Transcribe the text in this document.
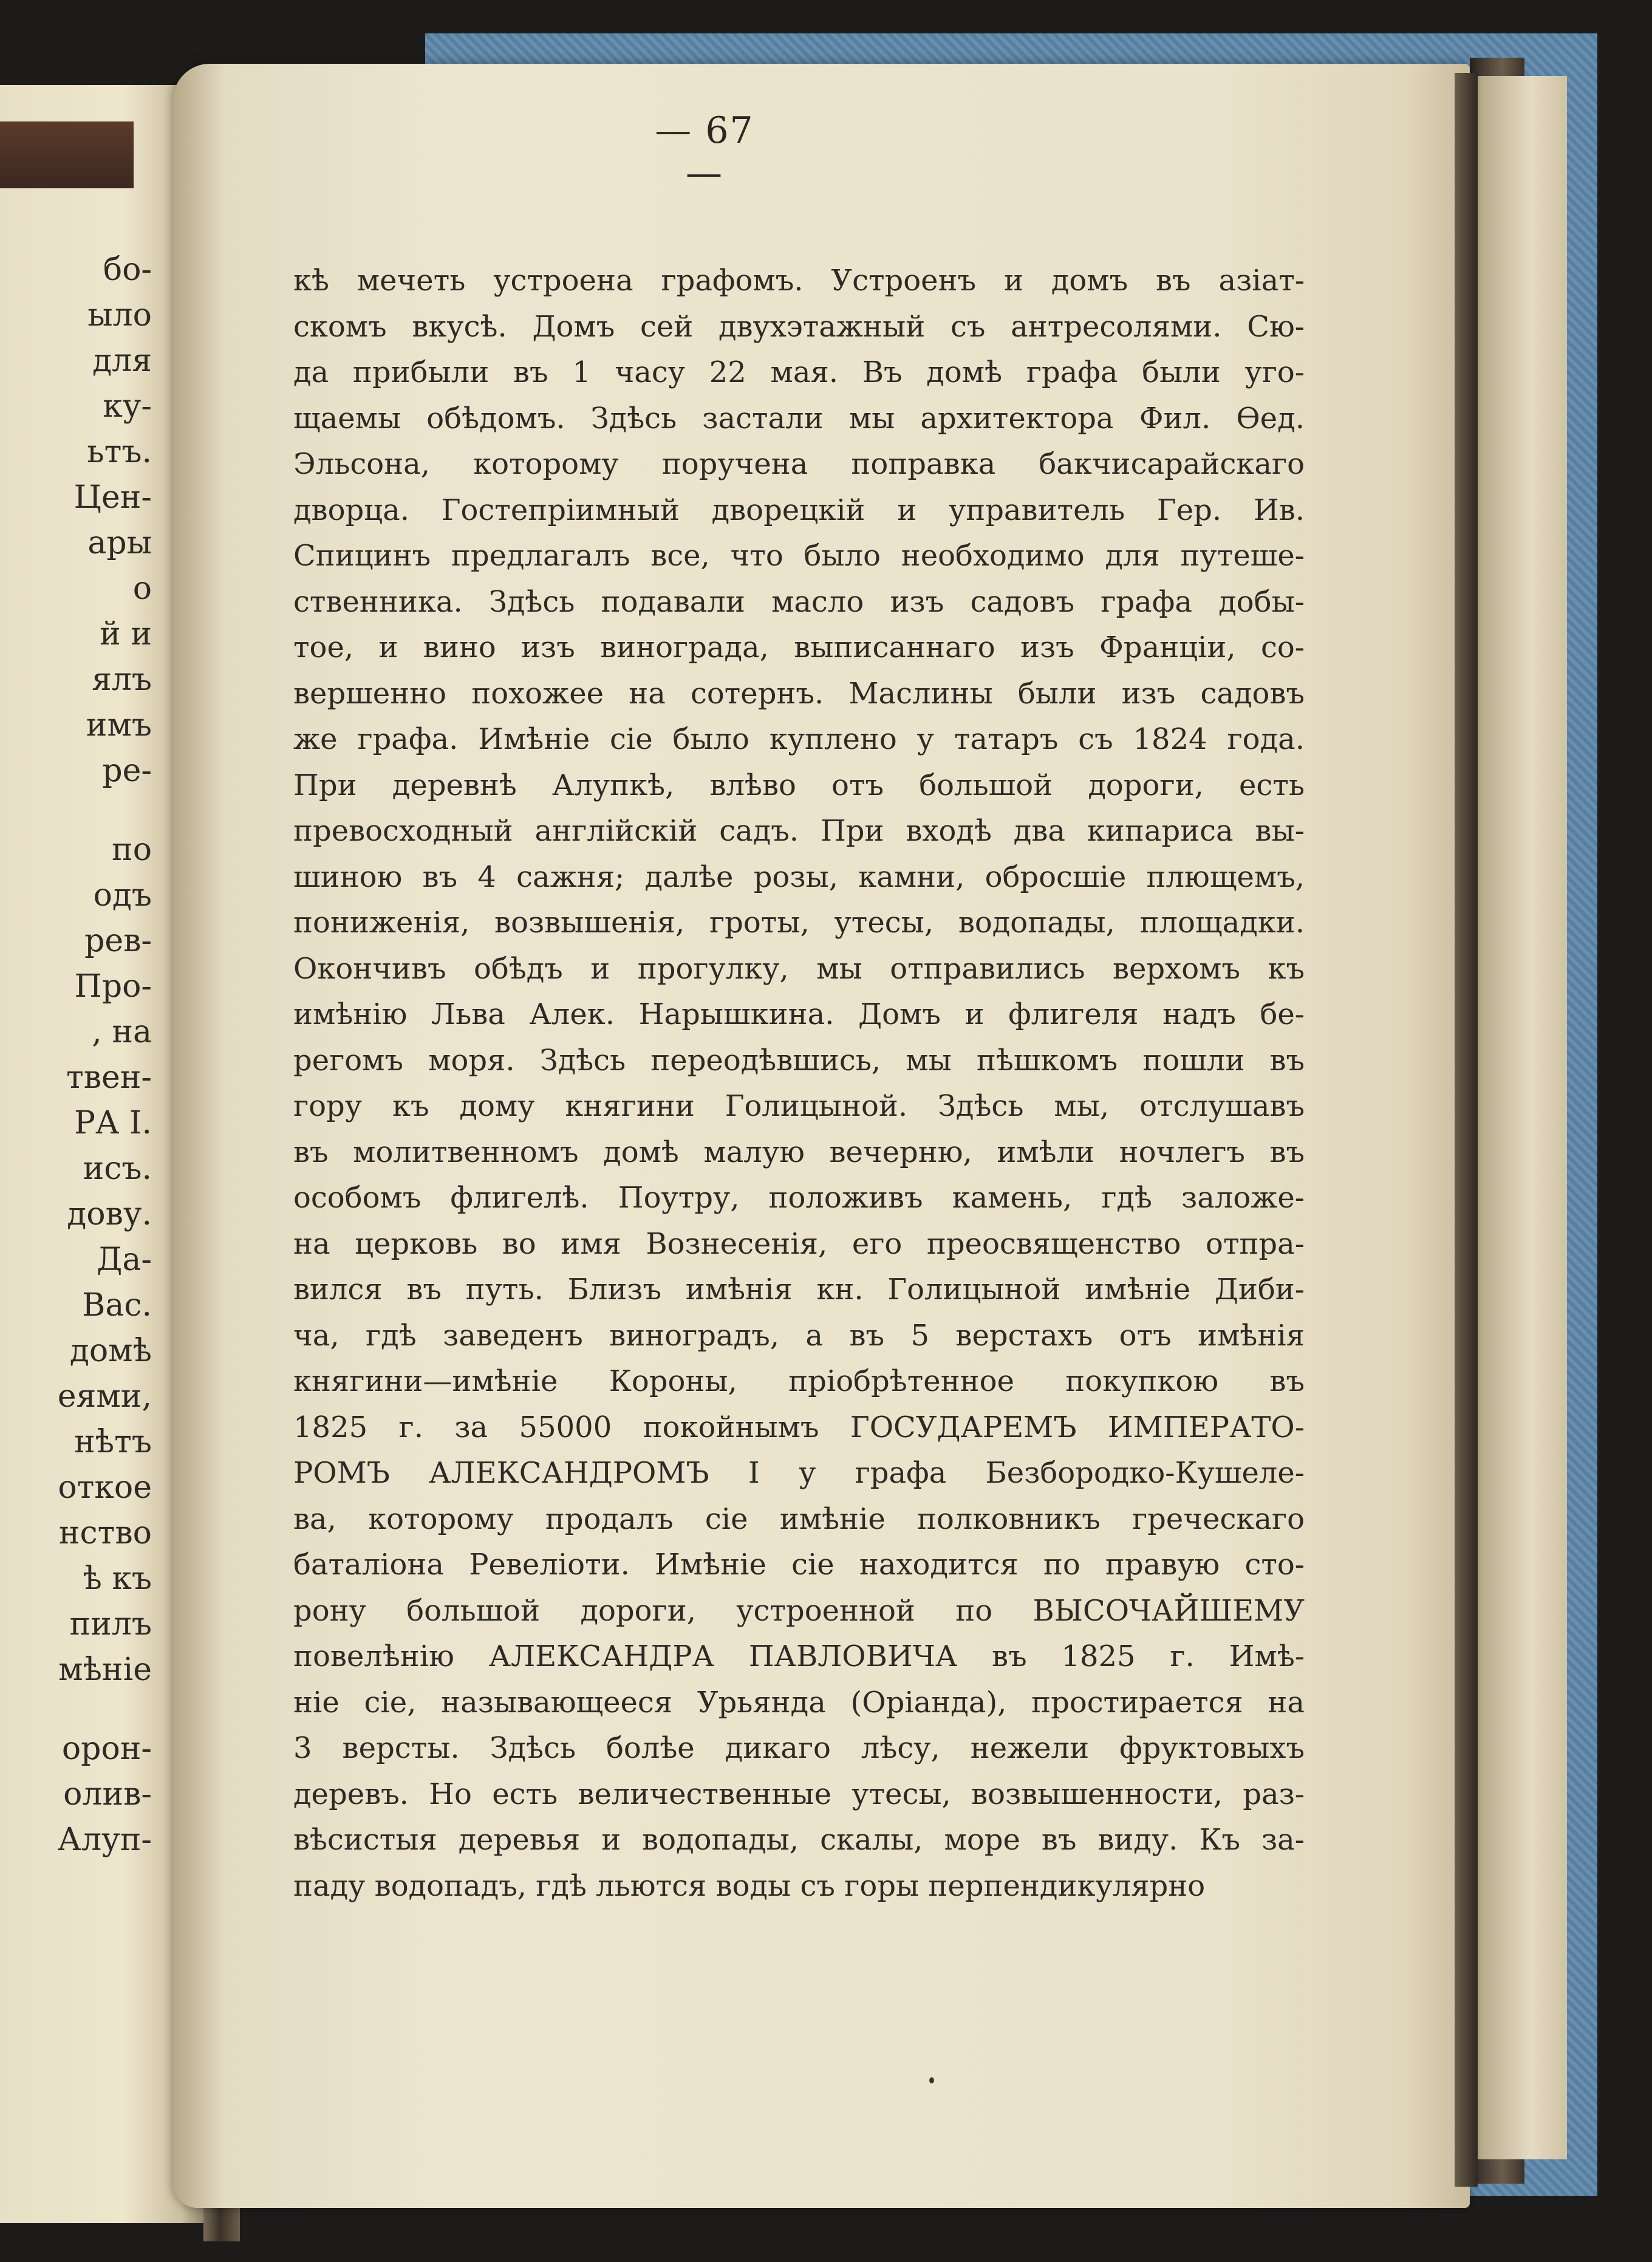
бо-
ыло
для
ку-
ьтъ.
Цен-
ары
о
й и
ялъ
имъ
ре-
по
одъ
рев-
Про-
, на
твен-
РА I.
исъ.
дову.
Да-
Вас.
домѣ
еями,
нѣтъ
откое
нство
ѣ къ
пилъ
мѣніе
орон-
олив-
Алуп-
— 67 —
кѣ мечеть устроена графомъ. Устроенъ и домъ въ азіат-
скомъ вкусѣ. Домъ сей двухэтажный съ антресолями. Сю-
да прибыли въ 1 часу 22 мая. Въ домѣ графа были уго-
щаемы обѣдомъ. Здѣсь застали мы архитектора Фил. Ѳед.
Эльсона, которому поручена поправка бакчисарайскаго
дворца. Гостепріимный дворецкій и управитель Гер. Ив.
Спицинъ предлагалъ все, что было необходимо для путеше-
ственника. Здѣсь подавали масло изъ садовъ графа добы-
тое, и вино изъ винограда, выписаннаго изъ Франціи, со-
вершенно похожее на сотернъ. Маслины были изъ садовъ
же графа. Имѣніе сіе было куплено у татаръ съ 1824 года.
При деревнѣ Алупкѣ, влѣво отъ большой дороги, есть
превосходный англійскій садъ. При входѣ два кипариса вы-
шиною въ 4 сажня; далѣе розы, камни, обросшіе плющемъ,
пониженія, возвышенія, гроты, утесы, водопады, площадки.
Окончивъ обѣдъ и прогулку, мы отправились верхомъ къ
имѣнію Льва Алек. Нарышкина. Домъ и флигеля надъ бе-
регомъ моря. Здѣсь переодѣвшись, мы пѣшкомъ пошли въ
гору къ дому княгини Голицыной. Здѣсь мы, отслушавъ
въ молитвенномъ домѣ малую вечерню, имѣли ночлегъ въ
особомъ флигелѣ. Поутру, положивъ камень, гдѣ заложе-
на церковь во имя Вознесенія, его преосвященство отпра-
вился въ путь. Близъ имѣнія кн. Голицыной имѣніе Диби-
ча, гдѣ заведенъ виноградъ, а въ 5 верстахъ отъ имѣнія
княгини—имѣніе Короны, пріобрѣтенное покупкою въ
1825 г. за 55000 покойнымъ ГОСУДАРЕМЪ ИМПЕРАТО-
РОМЪ АЛЕКСАНДРОМЪ I у графа Безбородко-Кушеле-
ва, которому продалъ сіе имѣніе полковникъ греческаго
баталіона Ревеліоти. Имѣніе сіе находится по правую сто-
рону большой дороги, устроенной по ВЫСОЧАЙШЕМУ
повелѣнію АЛЕКСАНДРА ПАВЛОВИЧА въ 1825 г. Имѣ-
ніе сіе, называющееся Урьянда (Оріанда), простирается на
3 версты. Здѣсь болѣе дикаго лѣсу, нежели фруктовыхъ
деревъ. Но есть величественные утесы, возвышенности, раз-
вѣсистыя деревья и водопады, скалы, море въ виду. Къ за-
паду водопадъ, гдѣ льются воды съ горы перпендикулярно
